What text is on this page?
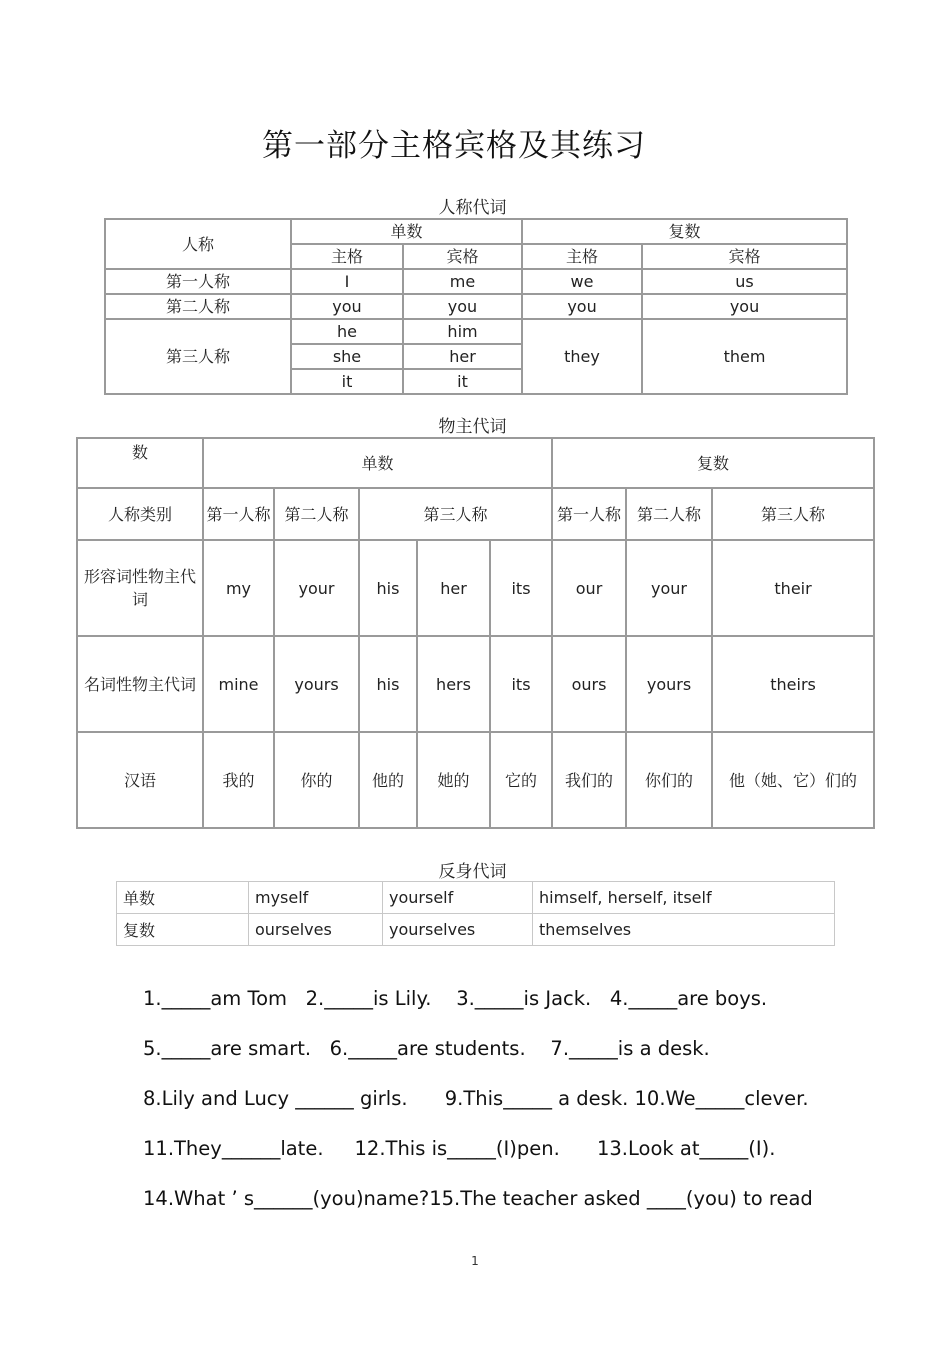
第一部分主格宾格及其练习
人称代词
人称	单数		复数	
	主格	宾格	主格	宾格
第一人称	I	me	we	us
第二人称	you	you	you	you
第三人称	he	him	they	them
	she	her		
	it	it		
物主代词
数	单数					复数		
人称类别	第一人称	第二人称	第三人称			第一人称	第二人称	第三人称
形容词性物主代词	my	your	his	her	its	our	your	their
名词性物主代词	mine	yours	his	hers	its	ours	yours	theirs
汉语	我的	你的	他的	她的	它的	我们的	你们的	他（她、它）们的
反身代词
单数	myself	yourself	himself, herself, itself
复数	ourselves	yourselves	themselves
1._____am Tom   2._____is Lily.    3._____is Jack.   4._____are boys.
5._____are smart.   6._____are students.    7._____is a desk.
8.Lily and Lucy ______ girls.      9.This_____ a desk. 10.We_____clever.
11.They______late.     12.This is_____(I)pen.      13.Look at_____(I).
14.What ’ s______(you)name?15.The teacher asked ____(you) to read
1
